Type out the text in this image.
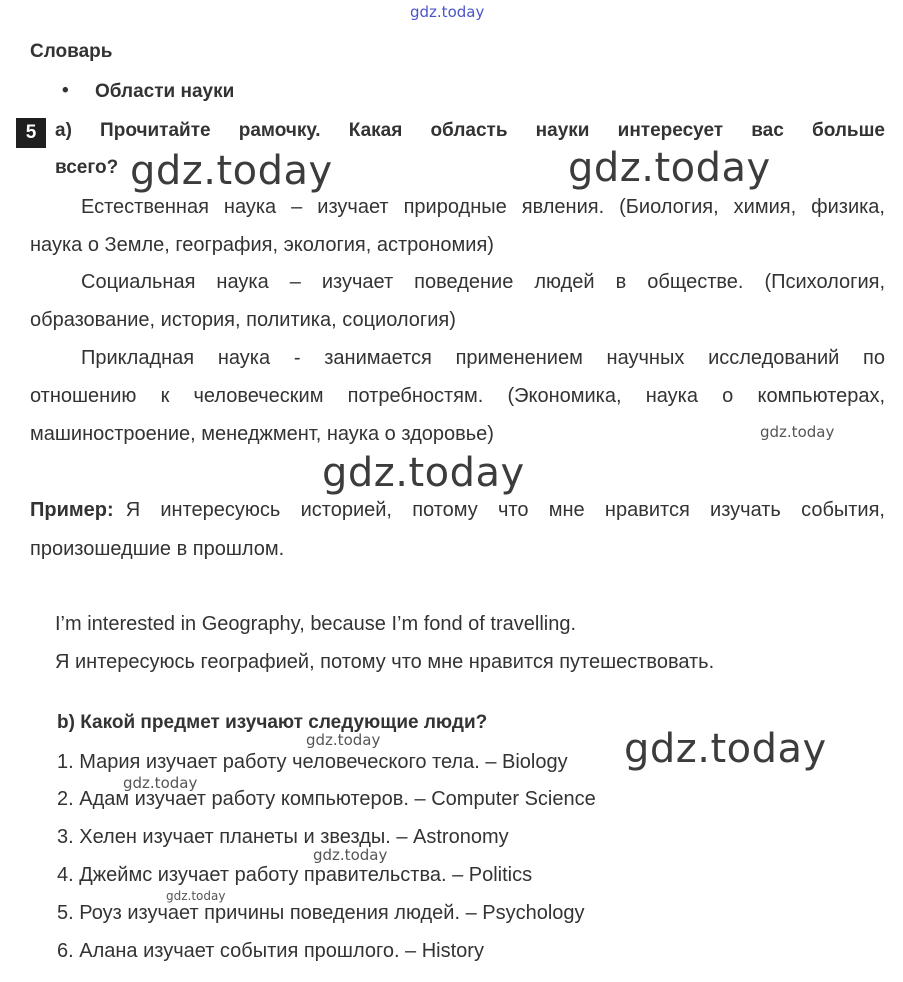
gdz.today
Словарь
• Области науки
5 a) Прочитайте рамочку. Какая область науки интересует вас больше
всего? gdz.today	gdz.today
Естественная наука – изучает природные явления. (Биология, химия, физика,
наука о Земле, география, экология, астрономия)
Социальная наука – изучает поведение людей в обществе. (Психология,
образование, история, политика, социология)
Прикладная наука - занимается применением научных исследований по
отношению к человеческим потребностям. (Экономика, наука о компьютерах,
машиностроение, менеджмент, наука о здоровье)	gdz.today
gdz.today
Пример: Я интересуюсь историей, потому что мне нравится изучать события,
произошедшие в прошлом.
I’m interested in Geography, because I’m fond of travelling.
Я интересуюсь географией, потому что мне нравится путешествовать.
b) Какой предмет изучают следующие люди?
gdz.today	gdz.today
1. Мария изучает работу человеческого тела. – Biology
gdz.today
2. Адам изучает работу компьютеров. – Computer Science
3. Хелен изучает планеты и звезды. – Astronomy
gdz.today
4. Джеймс изучает работу правительства. – Politics
gdz.today
5. Роуз изучает причины поведения людей. – Psychology
6. Алана изучает события прошлого. – History
